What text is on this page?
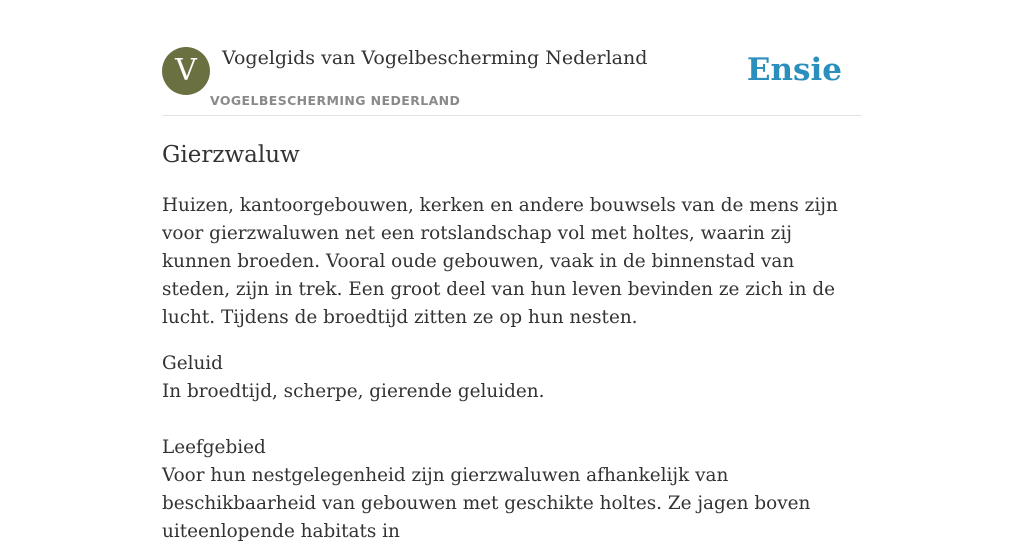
V	Vogelgids van Vogelbescherming Nederland
VOGELBESCHERMING NEDERLAND
Ensie
Gierzwaluw

Huizen, kantoorgebouwen, kerken en andere bouwsels van de mens zijn voor gierzwaluwen net een rotslandschap vol met holtes, waarin zij kunnen broeden. Vooral oude gebouwen, vaak in de binnenstad van steden, zijn in trek. Een groot deel van hun leven bevinden ze zich in de lucht. Tijdens de broedtijd zitten ze op hun nesten.

Geluid
In broedtijd, scherpe, gierende geluiden.
Leefgebied
Voor hun nestgelegenheid zijn gierzwaluwen afhankelijk van beschikbaarheid van gebouwen met geschikte holtes. Ze jagen boven uiteenlopende habitats in
